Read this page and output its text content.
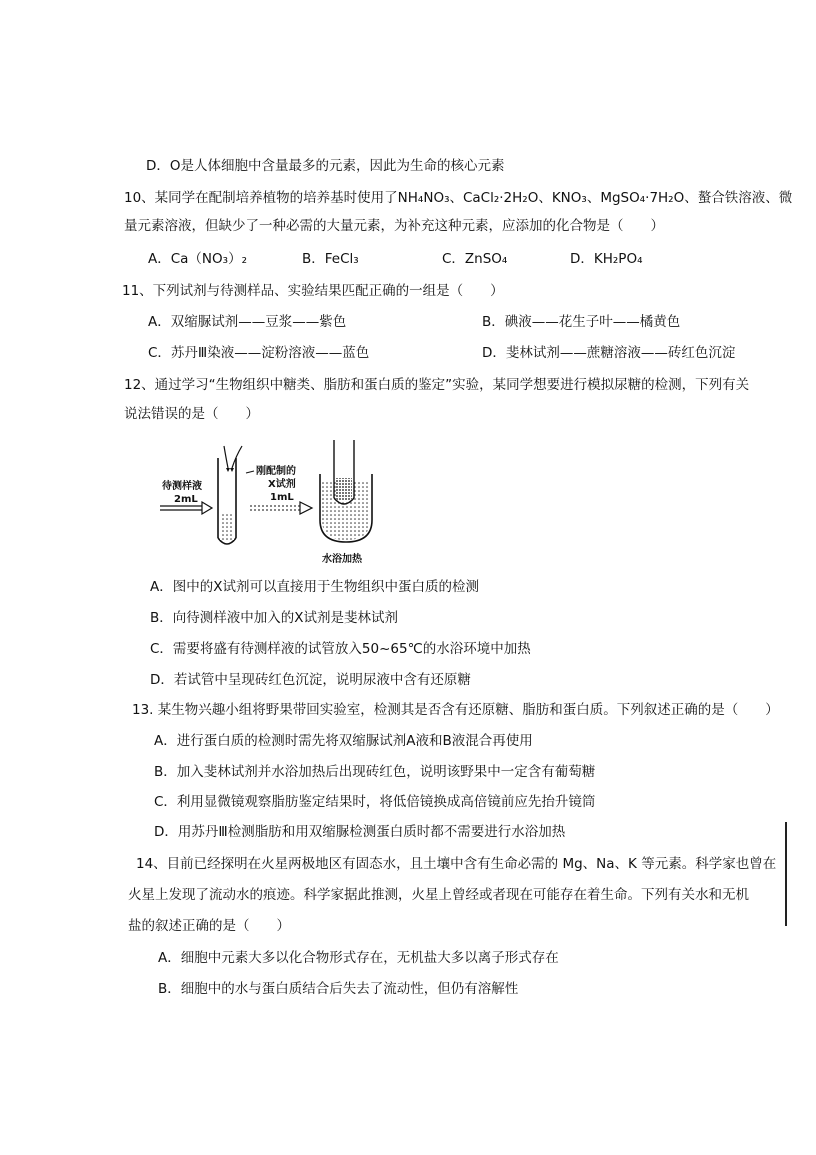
D．O是人体细胞中含量最多的元素，因此为生命的核心元素
10、某同学在配制培养植物的培养基时使用了NH₄NO₃、CaCl₂·2H₂O、KNO₃、MgSO₄·7H₂O、螯合铁溶液、微
量元素溶液，但缺少了一种必需的大量元素，为补充这种元素，应添加的化合物是（　　）
A．Ca（NO₃）₂	B．FeCl₃	C．ZnSO₄	D．KH₂PO₄
11、下列试剂与待测样品、实验结果匹配正确的一组是（　　）
A．双缩脲试剂——豆浆——紫色	B．碘液——花生子叶——橘黄色
C．苏丹Ⅲ染液——淀粉溶液——蓝色	D．斐林试剂——蔗糖溶液——砖红色沉淀
12、通过学习“生物组织中糖类、脂肪和蛋白质的鉴定”实验，某同学想要进行模拟尿糖的检测，下列有关
说法错误的是（　　）
待测样液
2mL
刚配制的
X试剂
1mL
水浴加热
A．图中的X试剂可以直接用于生物组织中蛋白质的检测
B．向待测样液中加入的X试剂是斐林试剂
C．需要将盛有待测样液的试管放入50~65℃的水浴环境中加热
D．若试管中呈现砖红色沉淀，说明尿液中含有还原糖
13. 某生物兴趣小组将野果带回实验室，检测其是否含有还原糖、脂肪和蛋白质。下列叙述正确的是（　　）
A．进行蛋白质的检测时需先将双缩脲试剂A液和B液混合再使用
B．加入斐林试剂并水浴加热后出现砖红色，说明该野果中一定含有葡萄糖
C．利用显微镜观察脂肪鉴定结果时，将低倍镜换成高倍镜前应先抬升镜筒
D．用苏丹Ⅲ检测脂肪和用双缩脲检测蛋白质时都不需要进行水浴加热
14、目前已经探明在火星两极地区有固态水，且土壤中含有生命必需的 Mg、Na、K 等元素。科学家也曾在
火星上发现了流动水的痕迹。科学家据此推测，火星上曾经或者现在可能存在着生命。下列有关水和无机
盐的叙述正确的是（　　）
A．细胞中元素大多以化合物形式存在，无机盐大多以离子形式存在
B．细胞中的水与蛋白质结合后失去了流动性，但仍有溶解性
